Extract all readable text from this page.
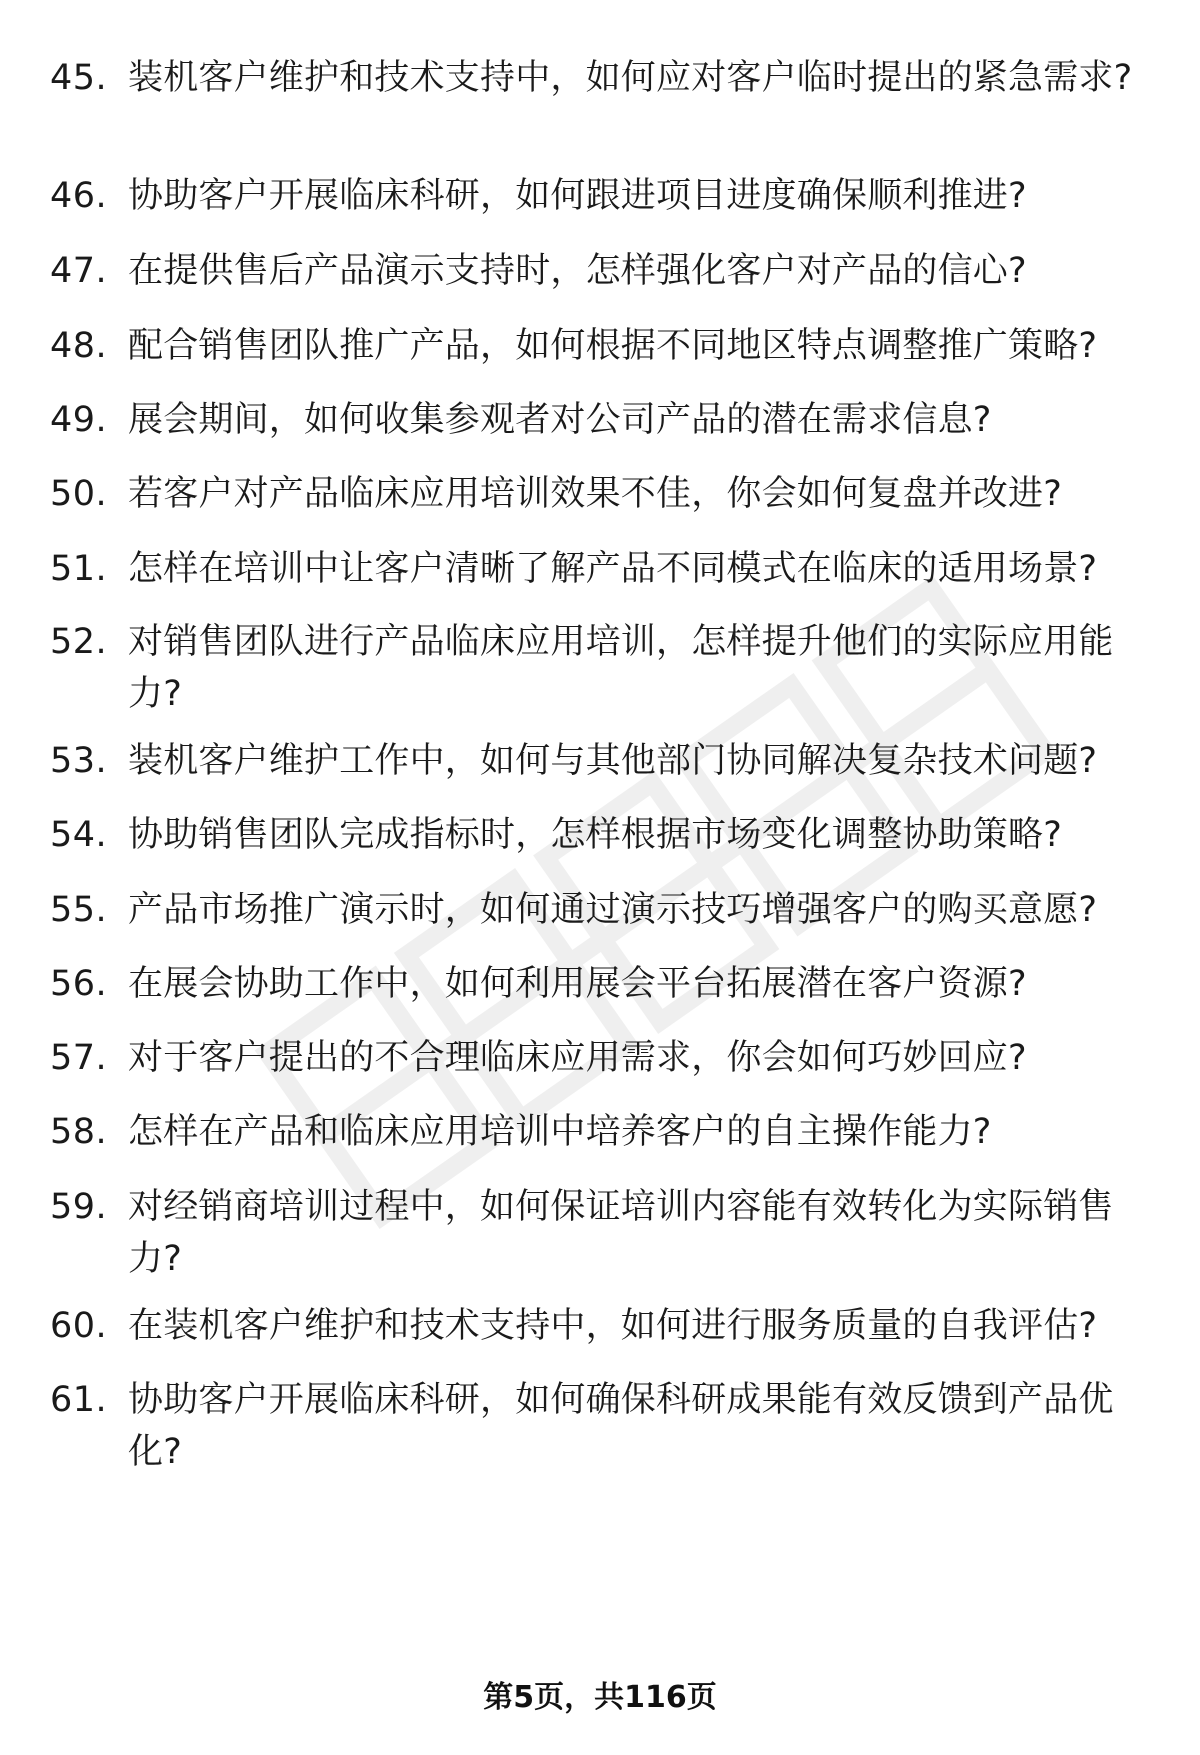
45. 装机客户维护和技术支持中，如何应对客户临时提出的紧急需求?
46. 协助客户开展临床科研，如何跟进项目进度确保顺利推进?
47. 在提供售后产品演示支持时，怎样强化客户对产品的信心?
48. 配合销售团队推广产品，如何根据不同地区特点调整推广策略?
49. 展会期间，如何收集参观者对公司产品的潜在需求信息?
50. 若客户对产品临床应用培训效果不佳，你会如何复盘并改进?
51. 怎样在培训中让客户清晰了解产品不同模式在临床的适用场景?
52. 对销售团队进行产品临床应用培训，怎样提升他们的实际应用能力?
53. 装机客户维护工作中，如何与其他部门协同解决复杂技术问题?
54. 协助销售团队完成指标时，怎样根据市场变化调整协助策略?
55. 产品市场推广演示时，如何通过演示技巧增强客户的购买意愿?
56. 在展会协助工作中，如何利用展会平台拓展潜在客户资源?
57. 对于客户提出的不合理临床应用需求，你会如何巧妙回应?
58. 怎样在产品和临床应用培训中培养客户的自主操作能力?
59. 对经销商培训过程中，如何保证培训内容能有效转化为实际销售力?
60. 在装机客户维护和技术支持中，如何进行服务质量的自我评估?
61. 协助客户开展临床科研，如何确保科研成果能有效反馈到产品优化?
第5页，共116页
